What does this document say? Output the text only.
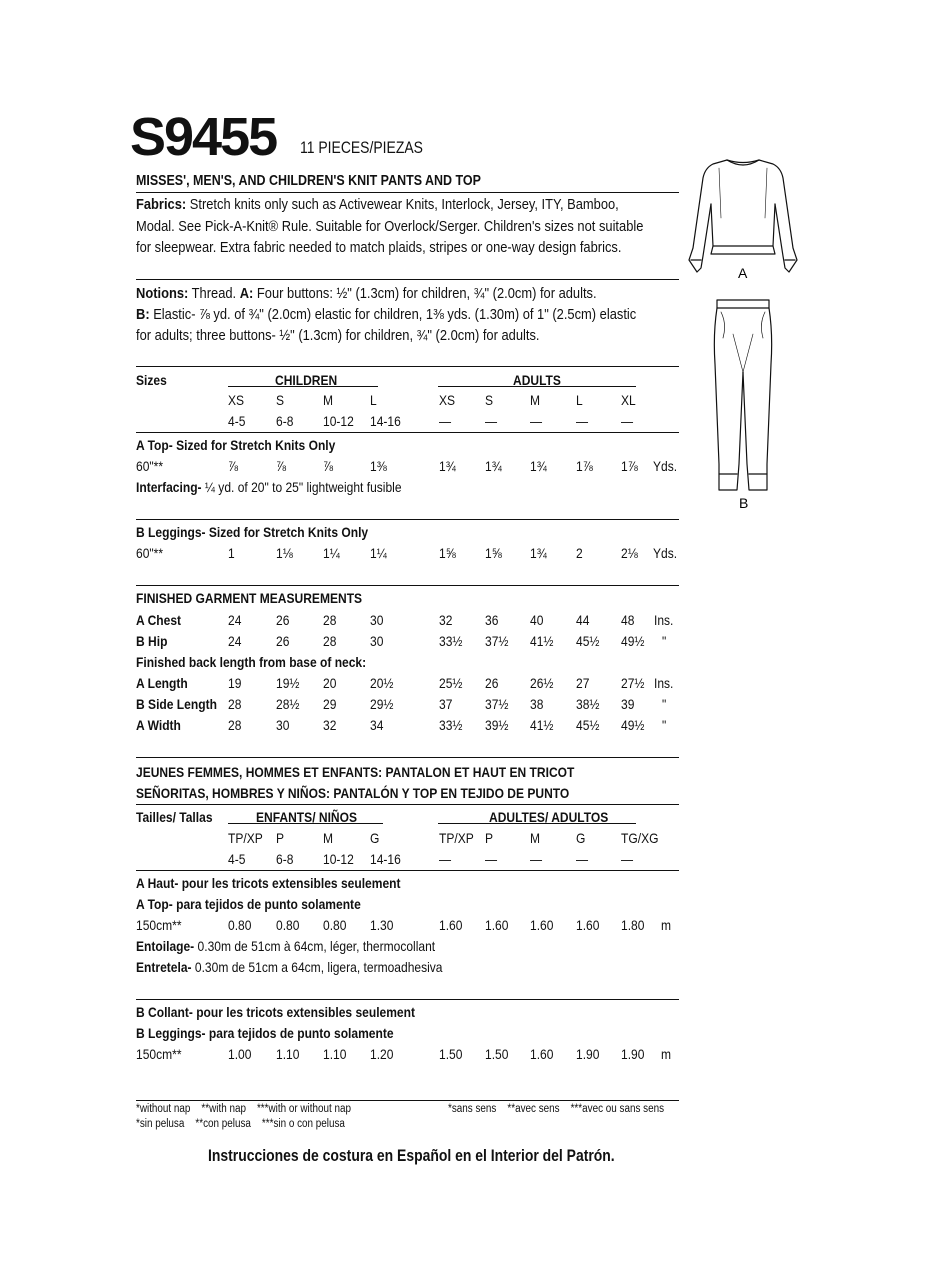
S9455 11 PIECES/PIEZAS
MISSES', MEN'S, AND CHILDREN'S KNIT PANTS AND TOP
Fabrics: Stretch knits only such as Activewear Knits, Interlock, Jersey, ITY, Bamboo,
Modal. See Pick-A-Knit® Rule. Suitable for Overlock/Serger. Children's sizes not suitable
for sleepwear. Extra fabric needed to match plaids, stripes or one-way design fabrics.
Notions: Thread. A: Four buttons: ½" (1.3cm) for children, ¾" (2.0cm) for adults.
B: Elastic- ⅞ yd. of ¾" (2.0cm) elastic for children, 1⅜ yds. (1.30m) of 1" (2.5cm) elastic
for adults; three buttons- ½" (1.3cm) for children, ¾" (2.0cm) for adults.
Sizes	CHILDREN	ADULTS
XS S	M	L	XS S	M	L	XL
4-5 6-8 10-12 14-16	— — — — —
A Top- Sized for Stretch Knits Only
60"**	⅞	⅞	⅞	1⅜	1¾ 1¾ 1¾ 1⅞ 1⅞ Yds.
Interfacing- ¼ yd. of 20" to 25" lightweight fusible
B Leggings- Sized for Stretch Knits Only
60"**	1	1⅛ 1¼ 1¼	1⅝ 1⅝ 1¾ 2	2⅛ Yds.
FINISHED GARMENT MEASUREMENTS
A Chest	24 26 28 30	32 36 40 44 48 Ins.
B Hip	24 26 28 30	33½ 37½ 41½ 45½ 49½ "
A Length	19 19½ 20 20½	25½ 26 26½ 27 27½ Ins.
B Side Length 28 28½ 29 29½	37 37½ 38 38½ 39 "
A Width	28 30 32 34	33½ 39½ 41½ 45½ 49½ "
Finished back length from base of neck:
JEUNES FEMMES, HOMMES ET ENFANTS: PANTALON ET HAUT EN TRICOT
SEÑORITAS, HOMBRES Y NIÑOS: PANTALÓN Y TOP EN TEJIDO DE PUNTO
Tailles/ Tallas	ENFANTS/ NIÑOS	ADULTES/ ADULTOS
TP/XP P	M	G	TP/XP P	M	G	TG/XG
4-5 6-8 10-12 14-16	— — — — —
A Haut- pour les tricots extensibles seulement
A Top- para tejidos de punto solamente
150cm**	0.80 0.80 0.80 1.30	1.60 1.60 1.60 1.60 1.80 m
Entoilage- 0.30m de 51cm à 64cm, léger, thermocollant
Entretela- 0.30m de 51cm a 64cm, ligera, termoadhesiva
B Collant- pour les tricots extensibles seulement
B Leggings- para tejidos de punto solamente
150cm**	1.00 1.10 1.10 1.20	1.50 1.50 1.60 1.90 1.90 m
*without nap    **with nap    ***with or without nap
*sin pelusa    **con pelusa    ***sin o con pelusa
*sans sens    **avec sens    ***avec ou sans sens
Instrucciones de costura en Español en el Interior del Patrón.
A
B
